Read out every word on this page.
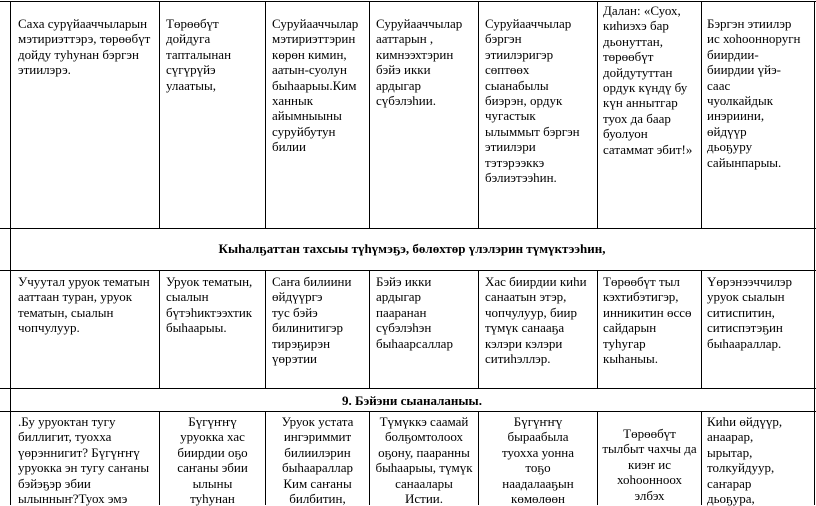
Саха сурүйааччыларын
мэтириэттэрэ, төрөөбүт
дойду туһунан бэргэн
этиилэрэ.
Төрөөбүт
дойдуга
тапталынан
сүгүрүйэ
улаатыы,
Суруйааччылар
мэтириэттэрин
көрөн кимин,
аатын-суолун
быһаарыы.Ким
ханнык
айымныыны
суруйбутун
билии
Суруйааччылар
ааттарын ,
кимнээхтэрин
бэйэ икки
ардыгар
сүбэлэһии.
Суруйааччылар
бэргэн
этиилэригэр
сөптөөх
сыанабылы
биэрэн, ордук
чугастык
ылыммыт бэргэн
этиилэри
тэтэрээккэ
бэлиэтээһин.
Далан: «Суох,
киһиэхэ бар
дьонуттан,
төрөөбүт
дойдутуттан
ордук күндү бу
күн аннытгар
туох да баар
буолуон
сатаммат эбит!»
Бэргэн этиилэр
ис хоһоонноругн
биирдии-
биирдии үйэ-
саас
чуолкайдык
инэриини,
өйдүүр
дьоҕуру
сайынпарыы.
Кыһалҕаттан тахсыы түһүмэҕэ, бөлөхтөр үлэлэрин түмүктээһин,
Учуутал уруок тематын
ааттаан туран, уруок
тематын, сыалын
чопчулуур.
Уруок тематын,
сыалын
бүтэһиктээхтик
быһаарыы.
Саҥа билиини
өйдүүргэ
тус бэйэ
билинитигэр
тирэҕирэн
үөрэтии
Бэйэ икки
ардыгар
пааранан
сүбэлэһэн
быһаарсаллар
Хас биирдии киһи
санаатын этэр,
чопчулуур, биир
түмүк санааҕа
кэлэри кэлэри
ситиһэллэр.
Төрөөбүт тыл
кэхтибэтигэр,
инникитин өссө
сайдарын
туһугар
кыһаныы.
Үөрэнээччилэр
уруок сыалын
ситиспитин,
ситиспэтэҕин
быһаараллар.
9. Бэйэни сыаналаныы.
.Бу уруоктан тугу
биллигит, туохха
үөрэннигит? Бүгүҥҥү
уруокка эн тугу саҥаны
бэйэҕэр эбии
ылынныҥ?Туох эмэ
Бүгүҥҥү
уруокка хас
биирдии оҕо
саҥаны эбии
ылыны
туһунан
Уруок устата
ингэриммит
билиилэрин
быһаараллар
Ким саҥаны
билбитин,
Түмүккэ саамай
болҕомтолоох
оҕону, пааранны
быһаарыы, түмүк
санаалары
Истии.
Бүгүҥҥү
быраабыла
туохха уонна
тоҕо
наадалааҕын
көмөлөөн
Төрөөбүт
тылбыт чахчы да
киэҥ ис
хоһоонноох
элбэх
Киһи өйдүүр,
анаарар,
ырытар,
толкуйдуур,
саҥарар
дьоҕура,
